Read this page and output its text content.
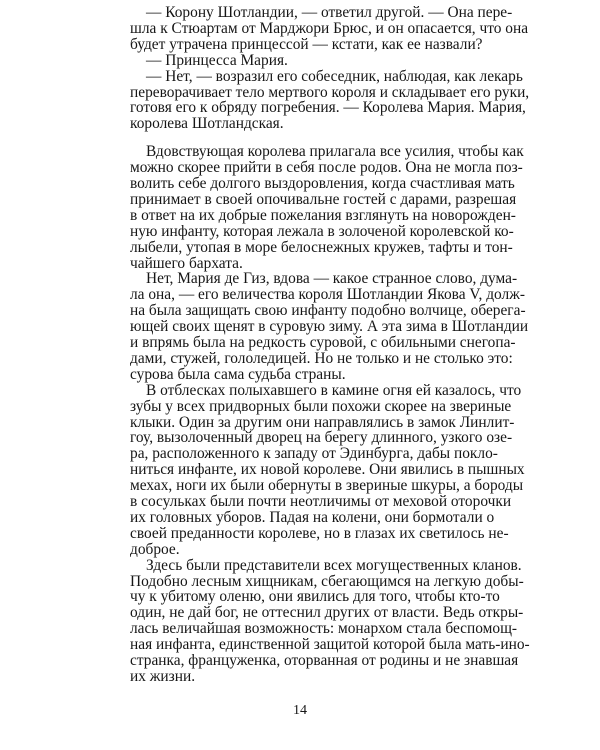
— Корону Шотландии, — ответил другой. — Она пере-
шла к Стюартам от Марджори Брюс, и он опасается, что она
будет утрачена принцессой — кстати, как ее назвали?
— Принцесса Мария.
— Нет, — возразил его собеседник, наблюдая, как лекарь
переворачивает тело мертвого короля и складывает его руки,
готовя его к обряду погребения. — Королева Мария. Мария,
королева Шотландская.
Вдовствующая королева прилагала все усилия, чтобы как
можно скорее прийти в себя после родов. Она не могла поз-
волить себе долгого выздоровления, когда счастливая мать
принимает в своей опочивальне гостей с дарами, разрешая
в ответ на их добрые пожелания взглянуть на новорожден-
ную инфанту, которая лежала в золоченой королевской ко-
лыбели, утопая в море белоснежных кружев, тафты и тон-
чайшего бархата.
Нет, Мария де Гиз, вдова — какое странное слово, дума-
ла она, — его величества короля Шотландии Якова V, долж-
на была защищать свою инфанту подобно волчице, оберега-
ющей своих щенят в суровую зиму. А эта зима в Шотландии
и впрямь была на редкость суровой, с обильными снегопа-
дами, стужей, гололедицей. Но не только и не столько это:
сурова была сама судьба страны.
В отблесках полыхавшего в камине огня ей казалось, что
зубы у всех придворных были похожи скорее на звериные
клыки. Один за другим они направлялись в замок Линлит-
гоу, вызолоченный дворец на берегу длинного, узкого озе-
ра, расположенного к западу от Эдинбурга, дабы покло-
ниться инфанте, их новой королеве. Они явились в пышных
мехах, ноги их были обернуты в звериные шкуры, а бороды
в сосульках были почти неотличимы от меховой оторочки
их головных уборов. Падая на колени, они бормотали о
своей преданности королеве, но в глазах их светилось не-
доброе.
Здесь были представители всех могущественных кланов.
Подобно лесным хищникам, сбегающимся на легкую добы-
чу к убитому оленю, они явились для того, чтобы кто-то
один, не дай бог, не оттеснил других от власти. Ведь откры-
лась величайшая возможность: монархом стала беспомощ-
ная инфанта, единственной защитой которой была мать-ино-
странка, француженка, оторванная от родины и не знавшая
их жизни.
14
